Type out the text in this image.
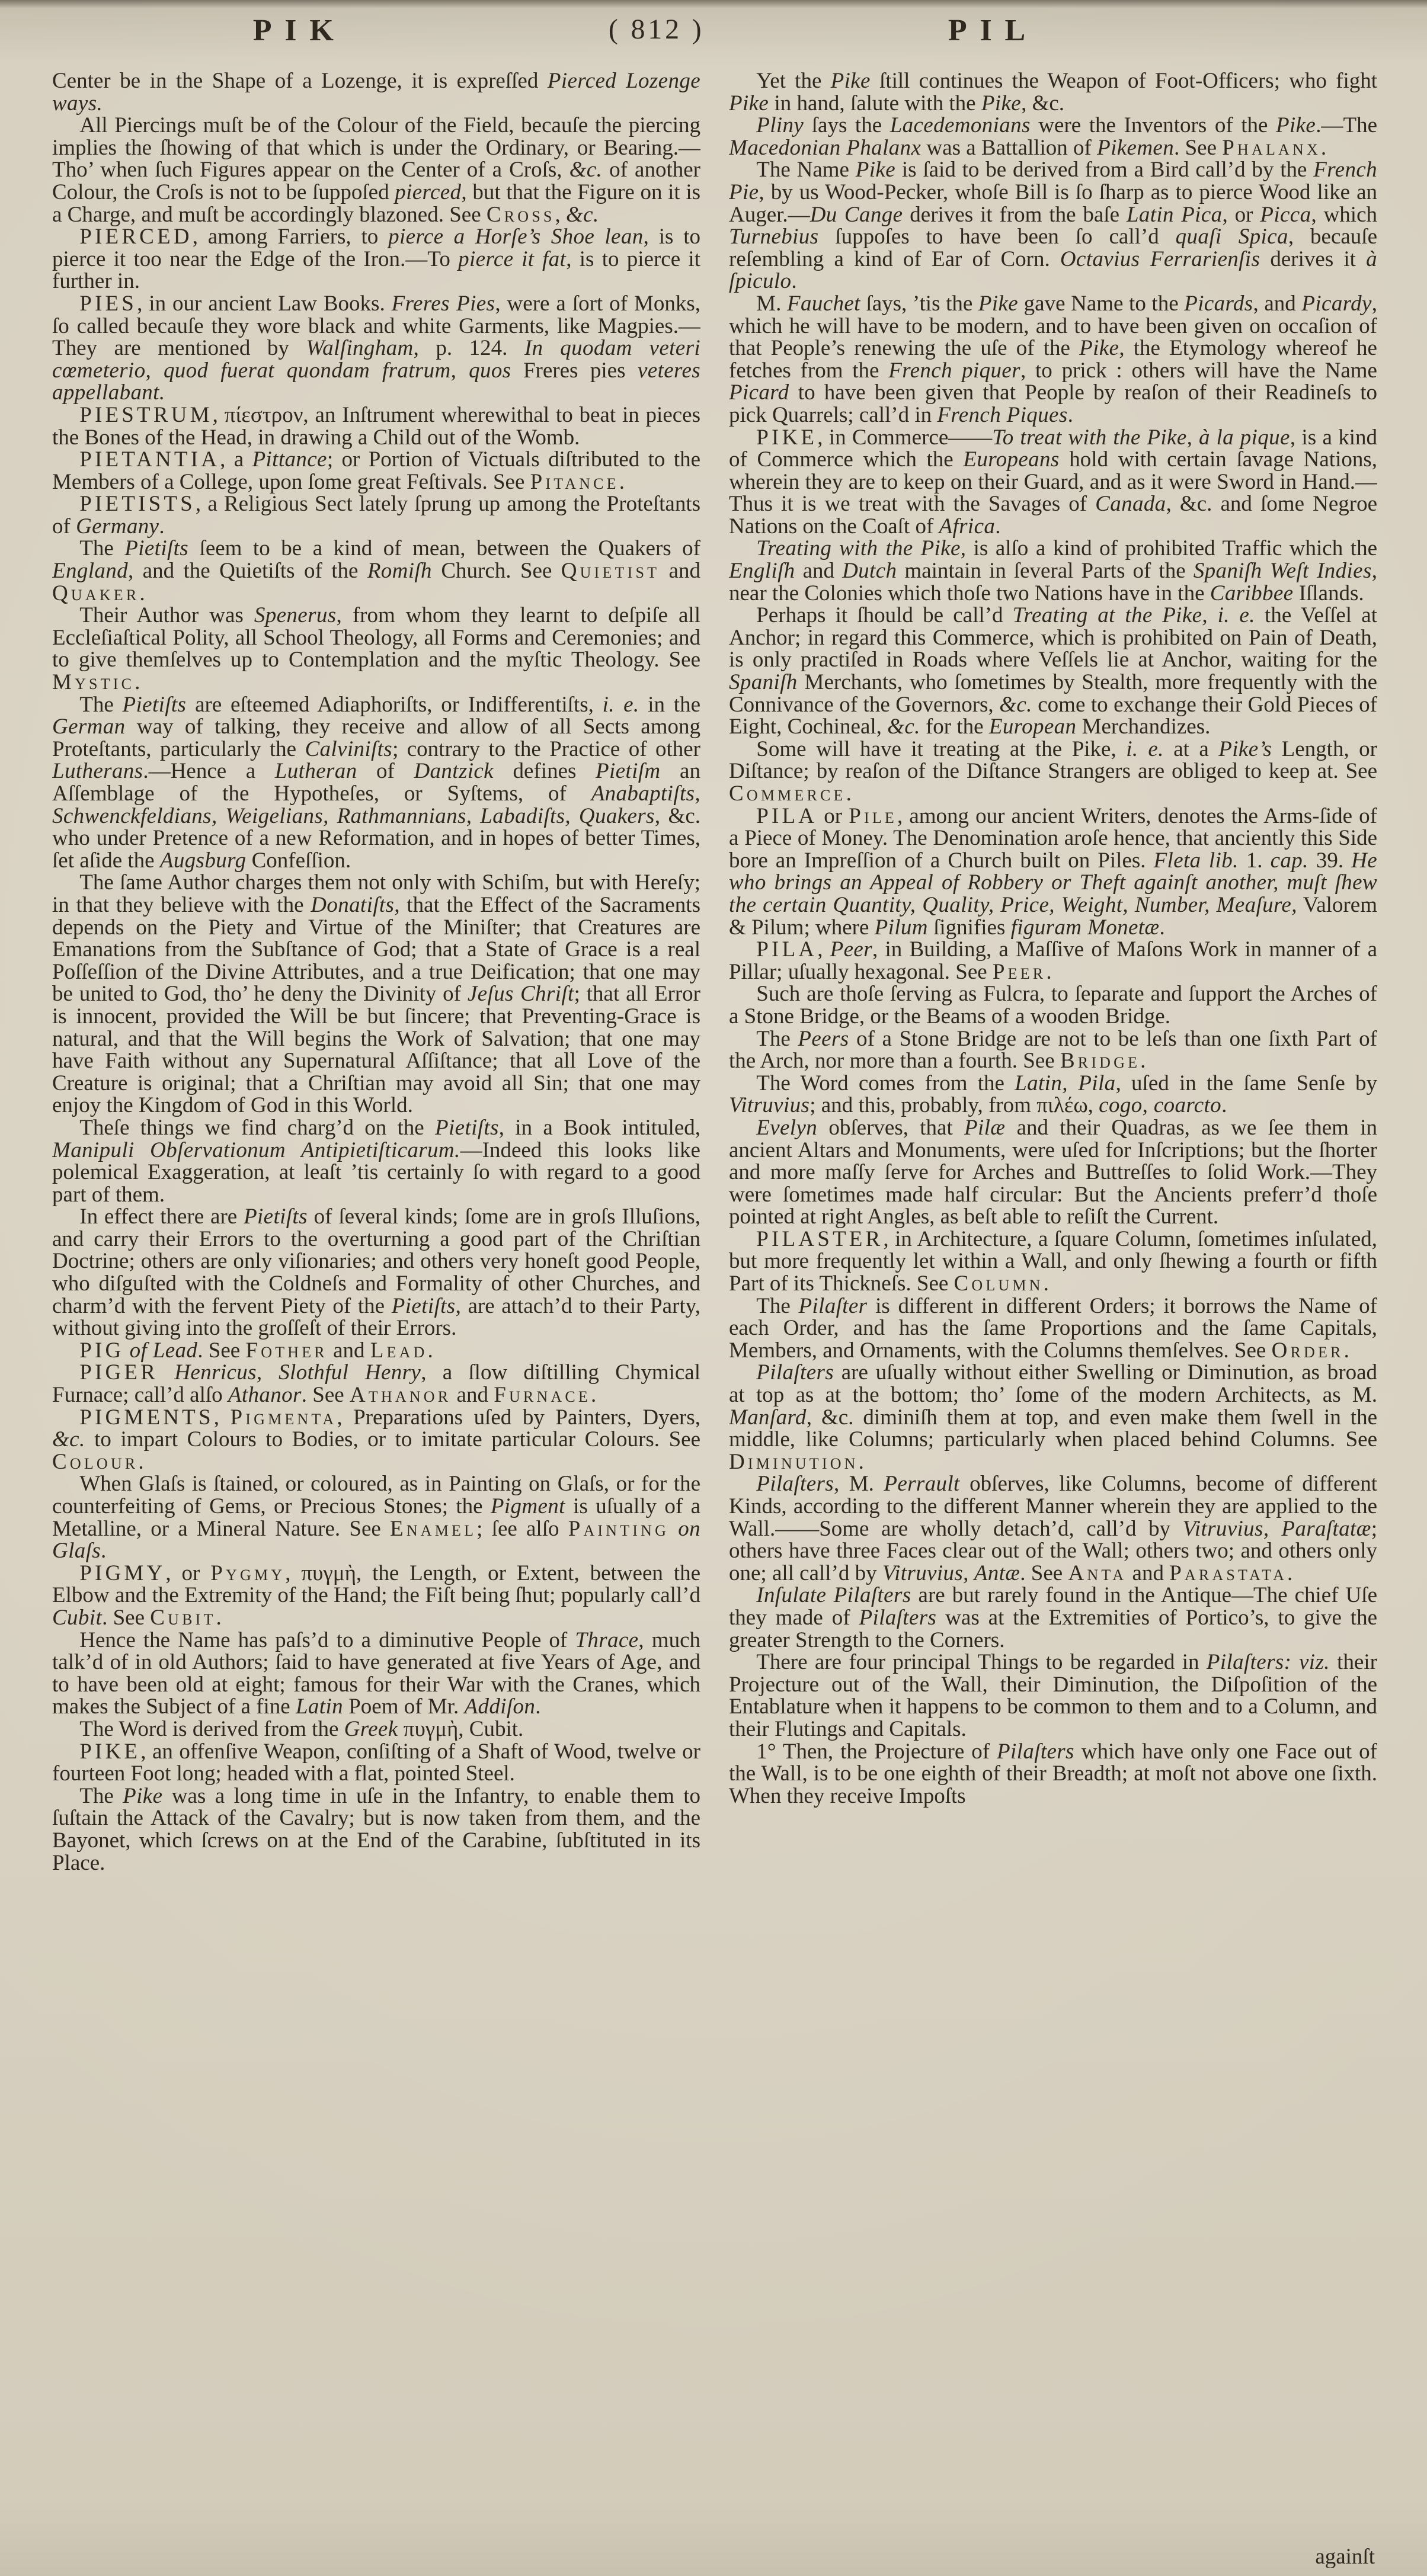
PIK	( 812 )	PIL

Center be in the Shape of a Lozenge, it is expreſſed Pierced Lozenge ways.

All Piercings muſt be of the Colour of the Field, becauſe the piercing implies the ſhowing of that which is under the Ordinary, or Bearing.—Tho’ when ſuch Figures appear on the Center of a Croſs, &c. of another Colour, the Croſs is not to be ſuppoſed pierced, but that the Figure on it is a Charge, and muſt be accordingly blazoned. See Cross, &c.

PIERCED, among Farriers, to pierce a Horſe’s Shoe lean, is to pierce it too near the Edge of the Iron.—To pierce it fat, is to pierce it further in.

PIES, in our ancient Law Books. Freres Pies, were a ſort of Monks, ſo called becauſe they wore black and white Garments, like Magpies.—They are mentioned by Walſingham, p. 124. In quodam veteri cœmeterio, quod fuerat quondam fratrum, quos Freres pies veteres appellabant.

PIESTRUM, πίεστρον, an Inſtrument wherewithal to beat in pieces the Bones of the Head, in drawing a Child out of the Womb.

PIETANTIA, a Pittance; or Portion of Victuals diſtributed to the Members of a College, upon ſome great Feſtivals. See Pitance.

PIETISTS, a Religious Sect lately ſprung up among the Proteſtants of Germany.

The Pietiſts ſeem to be a kind of mean, between the Quakers of England, and the Quietiſts of the Romiſh Church. See Quietist and Quaker.

Their Author was Spenerus, from whom they learnt to deſpiſe all Eccleſiaſtical Polity, all School Theology, all Forms and Ceremonies; and to give themſelves up to Contemplation and the myſtic Theology. See Mystic.

The Pietiſts are eſteemed Adiaphoriſts, or Indifferentiſts, i. e. in the German way of talking, they receive and allow of all Sects among Proteſtants, particularly the Calviniſts; contrary to the Practice of other Lutherans.—Hence a Lutheran of Dantzick defines Pietiſm an Aſſemblage of the Hypotheſes, or Syſtems, of Anabaptiſts, Schwenckfeldians, Weigelians, Rathmannians, Labadiſts, Quakers, &c. who under Pretence of a new Reformation, and in hopes of better Times, ſet aſide the Augsburg Confeſſion.

The ſame Author charges them not only with Schiſm, but with Hereſy; in that they believe with the Donatiſts, that the Effect of the Sacraments depends on the Piety and Virtue of the Miniſter; that Creatures are Emanations from the Subſtance of God; that a State of Grace is a real Poſſeſſion of the Divine Attributes, and a true Deification; that one may be united to God, tho’ he deny the Divinity of Jeſus Chriſt; that all Error is innocent, provided the Will be but ſincere; that Preventing-Grace is natural, and that the Will begins the Work of Salvation; that one may have Faith without any Supernatural Aſſiſtance; that all Love of the Creature is original; that a Chriſtian may avoid all Sin; that one may enjoy the Kingdom of God in this World.

Theſe things we find charg’d on the Pietiſts, in a Book intituled, Manipuli Obſervationum Antipietiſticarum.—Indeed this looks like polemical Exaggeration, at leaſt ’tis certainly ſo with regard to a good part of them.

In effect there are Pietiſts of ſeveral kinds; ſome are in groſs Illuſions, and carry their Errors to the overturning a good part of the Chriſtian Doctrine; others are only viſionaries; and others very honeſt good People, who diſguſted with the Coldneſs and Formality of other Churches, and charm’d with the fervent Piety of the Pietiſts, are attach’d to their Party, without giving into the groſſeſt of their Errors.

PIG of Lead. See Fother and Lead.

PIGER Henricus, Slothful Henry, a ſlow diſtilling Chymical Furnace; call’d alſo Athanor. See Athanor and Furnace.

PIGMENTS, Pigmenta, Preparations uſed by Painters, Dyers, &c. to impart Colours to Bodies, or to imitate particular Colours. See Colour.

When Glaſs is ſtained, or coloured, as in Painting on Glaſs, or for the counterfeiting of Gems, or Precious Stones; the Pigment is uſually of a Metalline, or a Mineral Nature. See Enamel; ſee alſo Painting on Glaſs.

PIGMY, or Pygmy, πυγμὴ, the Length, or Extent, between the Elbow and the Extremity of the Hand; the Fiſt being ſhut; popularly call’d Cubit. See Cubit.

Hence the Name has paſs’d to a diminutive People of Thrace, much talk’d of in old Authors; ſaid to have generated at five Years of Age, and to have been old at eight; famous for their War with the Cranes, which makes the Subject of a fine Latin Poem of Mr. Addiſon.

The Word is derived from the Greek πυγμὴ, Cubit.

PIKE, an offenſive Weapon, conſiſting of a Shaft of Wood, twelve or fourteen Foot long; headed with a flat, pointed Steel.

The Pike was a long time in uſe in the Infantry, to enable them to ſuſtain the Attack of the Cavalry; but is now taken from them, and the Bayonet, which ſcrews on at the End of the Carabine, ſubſtituted in its Place.

Yet the Pike ſtill continues the Weapon of Foot-Officers; who fight Pike in hand, ſalute with the Pike, &c.

Pliny ſays the Lacedemonians were the Inventors of the Pike.—The Macedonian Phalanx was a Battallion of Pikemen. See Phalanx.

The Name Pike is ſaid to be derived from a Bird call’d by the French Pie, by us Wood-Pecker, whoſe Bill is ſo ſharp as to pierce Wood like an Auger.—Du Cange derives it from the baſe Latin Pica, or Picca, which Turnebius ſuppoſes to have been ſo call’d quaſi Spica, becauſe reſembling a kind of Ear of Corn. Octavius Ferrarienſis derives it à ſpiculo.

M. Fauchet ſays, ’tis the Pike gave Name to the Picards, and Picardy, which he will have to be modern, and to have been given on occaſion of that People’s renewing the uſe of the Pike, the Etymology whereof he fetches from the French piquer, to prick : others will have the Name Picard to have been given that People by reaſon of their Readineſs to pick Quarrels; call’d in French Piques.

PIKE, in Commerce——To treat with the Pike, à la pique, is a kind of Commerce which the Europeans hold with certain ſavage Nations, wherein they are to keep on their Guard, and as it were Sword in Hand.—Thus it is we treat with the Savages of Canada, &c. and ſome Negroe Nations on the Coaſt of Africa.

Treating with the Pike, is alſo a kind of prohibited Traffic which the Engliſh and Dutch maintain in ſeveral Parts of the Spaniſh Weſt Indies, near the Colonies which thoſe two Nations have in the Caribbee Iſlands.

Perhaps it ſhould be call’d Treating at the Pike, i. e. the Veſſel at Anchor; in regard this Commerce, which is prohibited on Pain of Death, is only practiſed in Roads where Veſſels lie at Anchor, waiting for the Spaniſh Merchants, who ſometimes by Stealth, more frequently with the Connivance of the Governors, &c. come to exchange their Gold Pieces of Eight, Cochineal, &c. for the European Merchandizes.

Some will have it treating at the Pike, i. e. at a Pike’s Length, or Diſtance; by reaſon of the Diſtance Strangers are obliged to keep at. See Commerce.

PILA or Pile, among our ancient Writers, denotes the Arms-ſide of a Piece of Money. The Denomination aroſe hence, that anciently this Side bore an Impreſſion of a Church built on Piles. Fleta lib. 1. cap. 39. He who brings an Appeal of Robbery or Theft againſt another, muſt ſhew the certain Quantity, Quality, Price, Weight, Number, Meaſure, Valorem & Pilum; where Pilum ſignifies figuram Monetæ.

PILA, Peer, in Building, a Maſſive of Maſons Work in manner of a Pillar; uſually hexagonal. See Peer.

Such are thoſe ſerving as Fulcra, to ſeparate and ſupport the Arches of a Stone Bridge, or the Beams of a wooden Bridge.

The Peers of a Stone Bridge are not to be leſs than one ſixth Part of the Arch, nor more than a fourth. See Bridge.

The Word comes from the Latin, Pila, uſed in the ſame Senſe by Vitruvius; and this, probably, from πιλέω, cogo, coarcto.

Evelyn obſerves, that Pilæ and their Quadras, as we ſee them in ancient Altars and Monuments, were uſed for Inſcriptions; but the ſhorter and more maſſy ſerve for Arches and Buttreſſes to ſolid Work.—They were ſometimes made half circular: But the Ancients preferr’d thoſe pointed at right Angles, as beſt able to reſiſt the Current.

PILASTER, in Architecture, a ſquare Column, ſometimes inſulated, but more frequently let within a Wall, and only ſhewing a fourth or fifth Part of its Thickneſs. See Column.

The Pilaſter is different in different Orders; it borrows the Name of each Order, and has the ſame Proportions and the ſame Capitals, Members, and Ornaments, with the Columns themſelves. See Order.

Pilaſters are uſually without either Swelling or Diminution, as broad at top as at the bottom; tho’ ſome of the modern Architects, as M. Manſard, &c. diminiſh them at top, and even make them ſwell in the middle, like Columns; particularly when placed behind Columns. See Diminution.

Pilaſters, M. Perrault obſerves, like Columns, become of different Kinds, according to the different Manner wherein they are applied to the Wall.——Some are wholly detach’d, call’d by Vitruvius, Paraſtatæ; others have three Faces clear out of the Wall; others two; and others only one; all call’d by Vitruvius, Antæ. See Anta and Parastata.

Inſulate Pilaſters are but rarely found in the Antique—The chief Uſe they made of Pilaſters was at the Extremities of Portico’s, to give the greater Strength to the Corners.

There are four principal Things to be regarded in Pilaſters: viz. their Projecture out of the Wall, their Diminution, the Diſpoſition of the Entablature when it happens to be common to them and to a Column, and their Flutings and Capitals.

1° Then, the Projecture of Pilaſters which have only one Face out of the Wall, is to be one eighth of their Breadth; at moſt not above one ſixth. When they receive Impoſts

againſt
